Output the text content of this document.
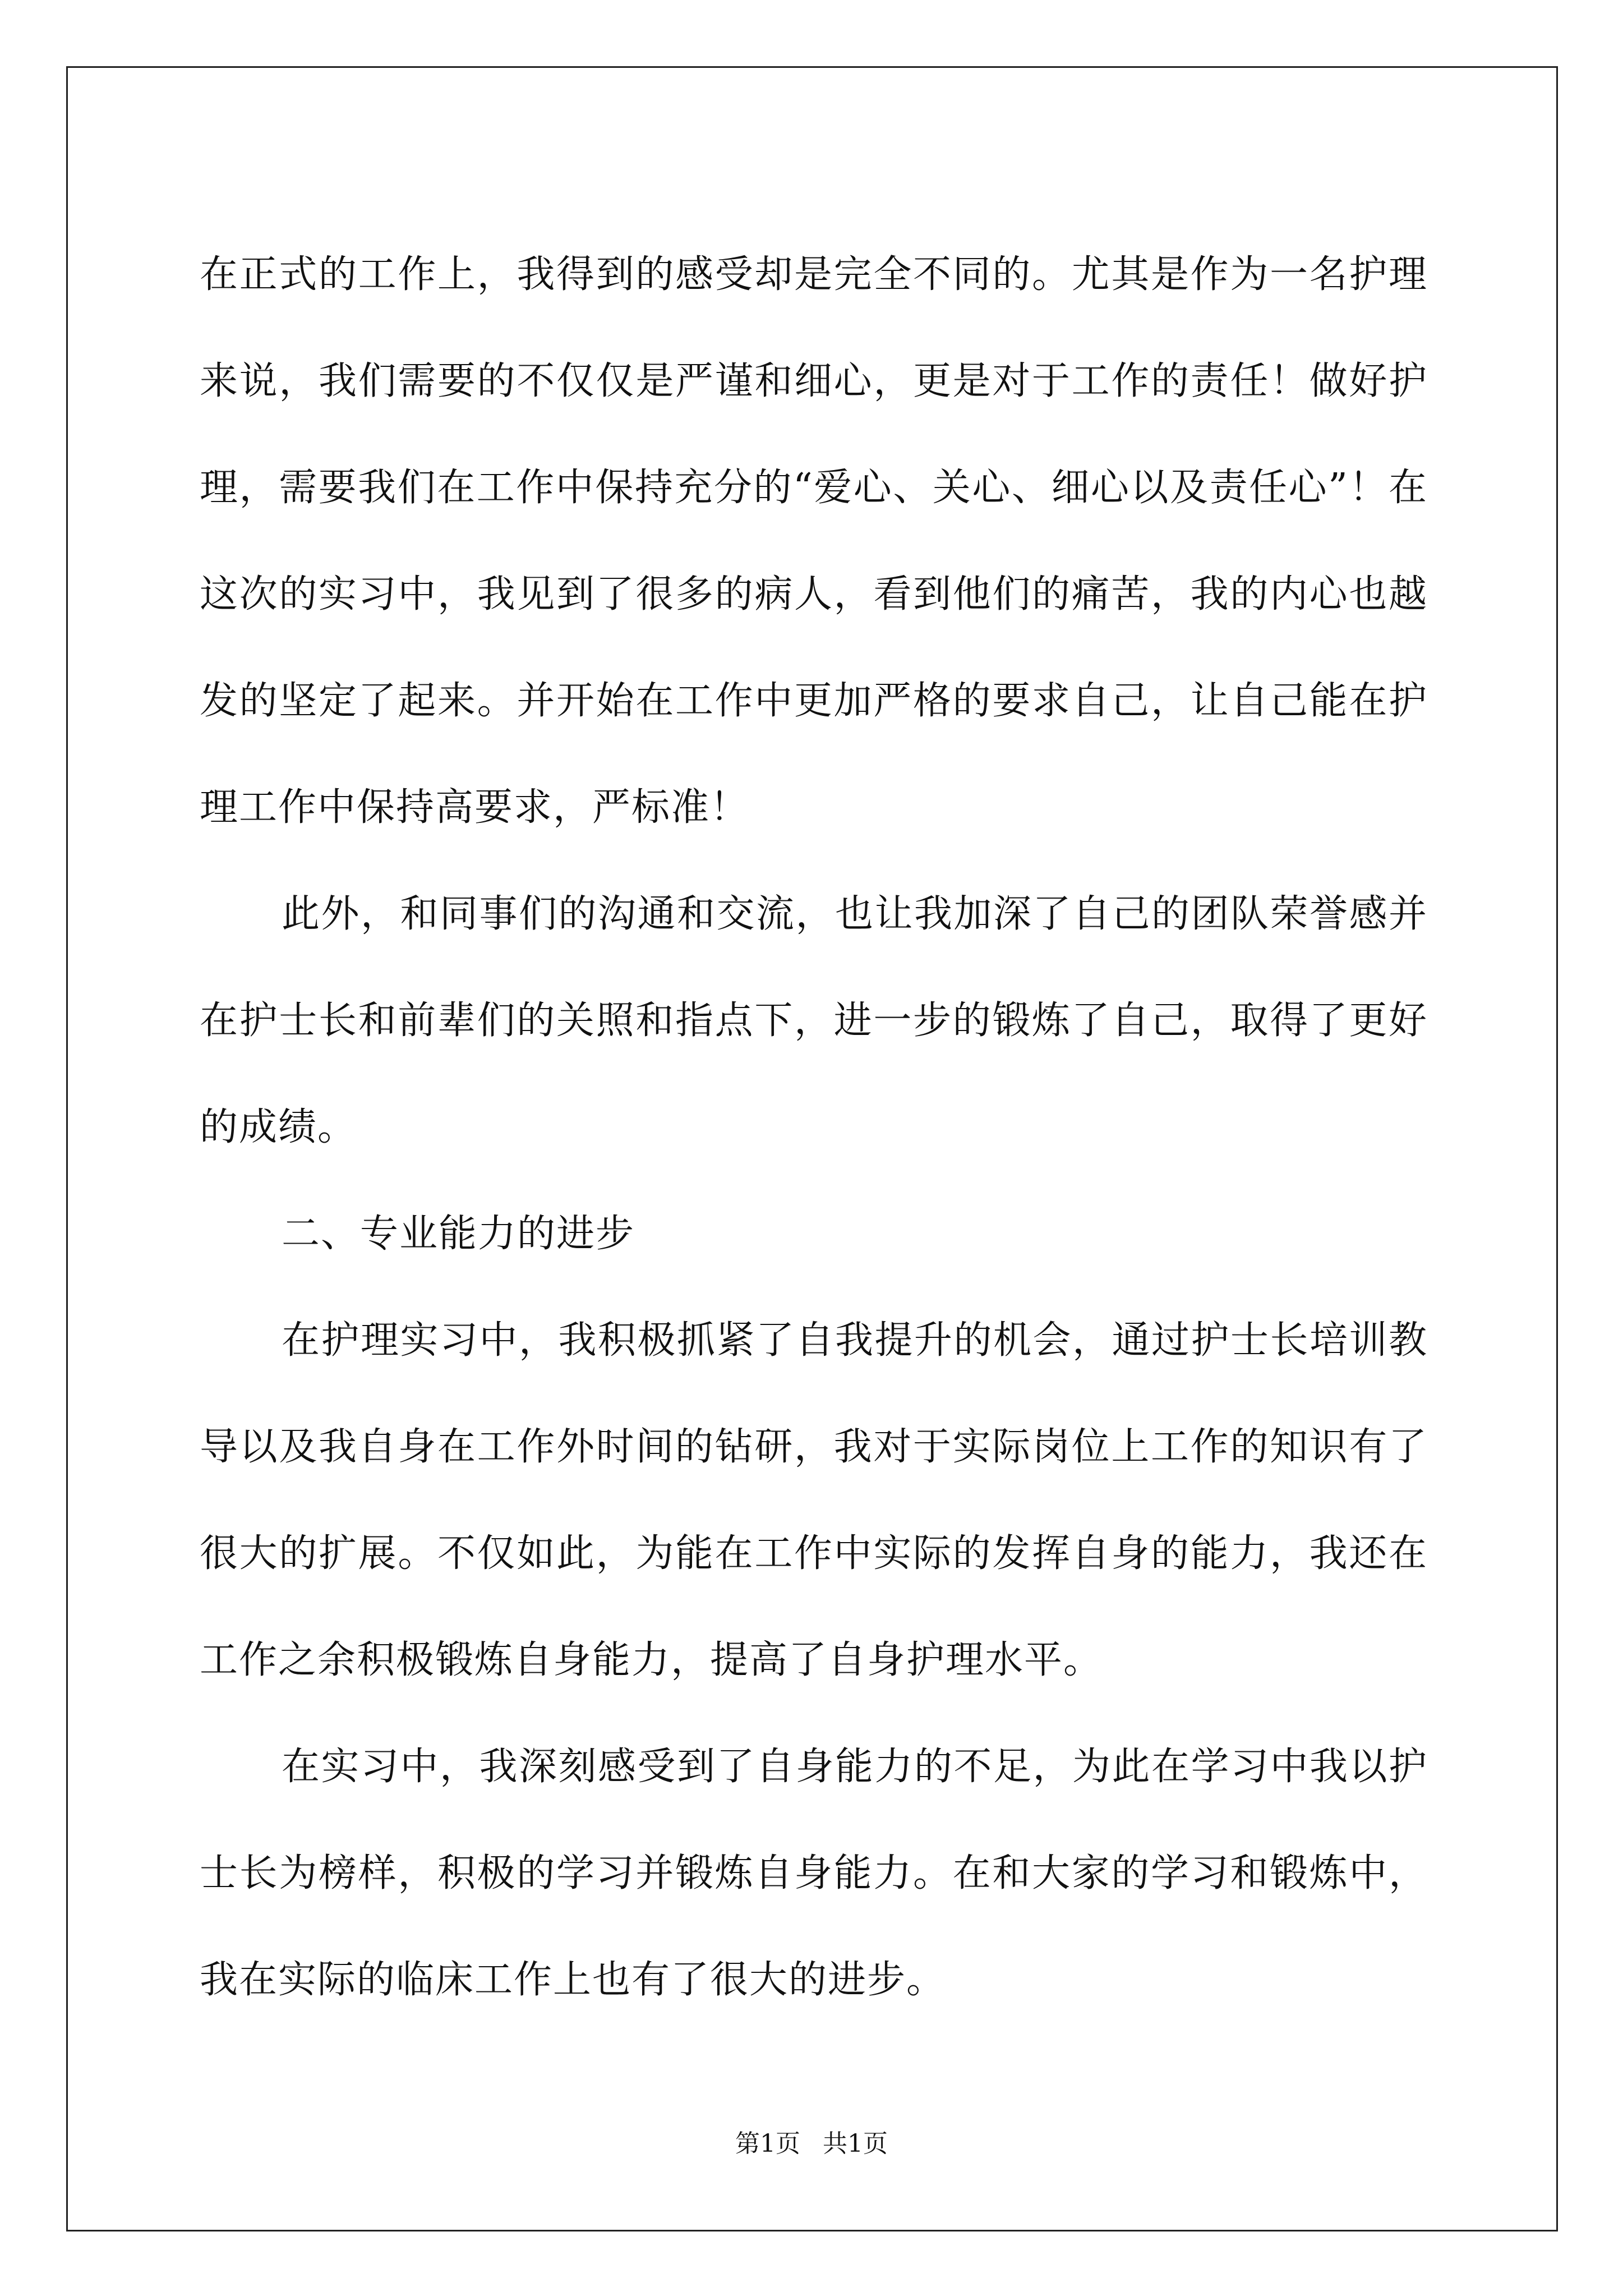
在正式的工作上，我得到的感受却是完全不同的。尤其是作为一名护理来说，我们需要的不仅仅是严谨和细心，更是对于工作的责任！做好护理，需要我们在工作中保持充分的“爱心、关心、细心以及责任心”！在这次的实习中，我见到了很多的病人，看到他们的痛苦，我的内心也越发的坚定了起来。并开始在工作中更加严格的要求自己，让自己能在护理工作中保持高要求，严标准！

此外，和同事们的沟通和交流，也让我加深了自己的团队荣誉感并在护士长和前辈们的关照和指点下，进一步的锻炼了自己，取得了更好的成绩。

二、专业能力的进步

在护理实习中，我积极抓紧了自我提升的机会，通过护士长培训教导以及我自身在工作外时间的钻研，我对于实际岗位上工作的知识有了很大的扩展。不仅如此，为能在工作中实际的发挥自身的能力，我还在工作之余积极锻炼自身能力，提高了自身护理水平。

在实习中，我深刻感受到了自身能力的不足，为此在学习中我以护士长为榜样，积极的学习并锻炼自身能力。在和大家的学习和锻炼中，我在实际的临床工作上也有了很大的进步。

第1页 共1页
